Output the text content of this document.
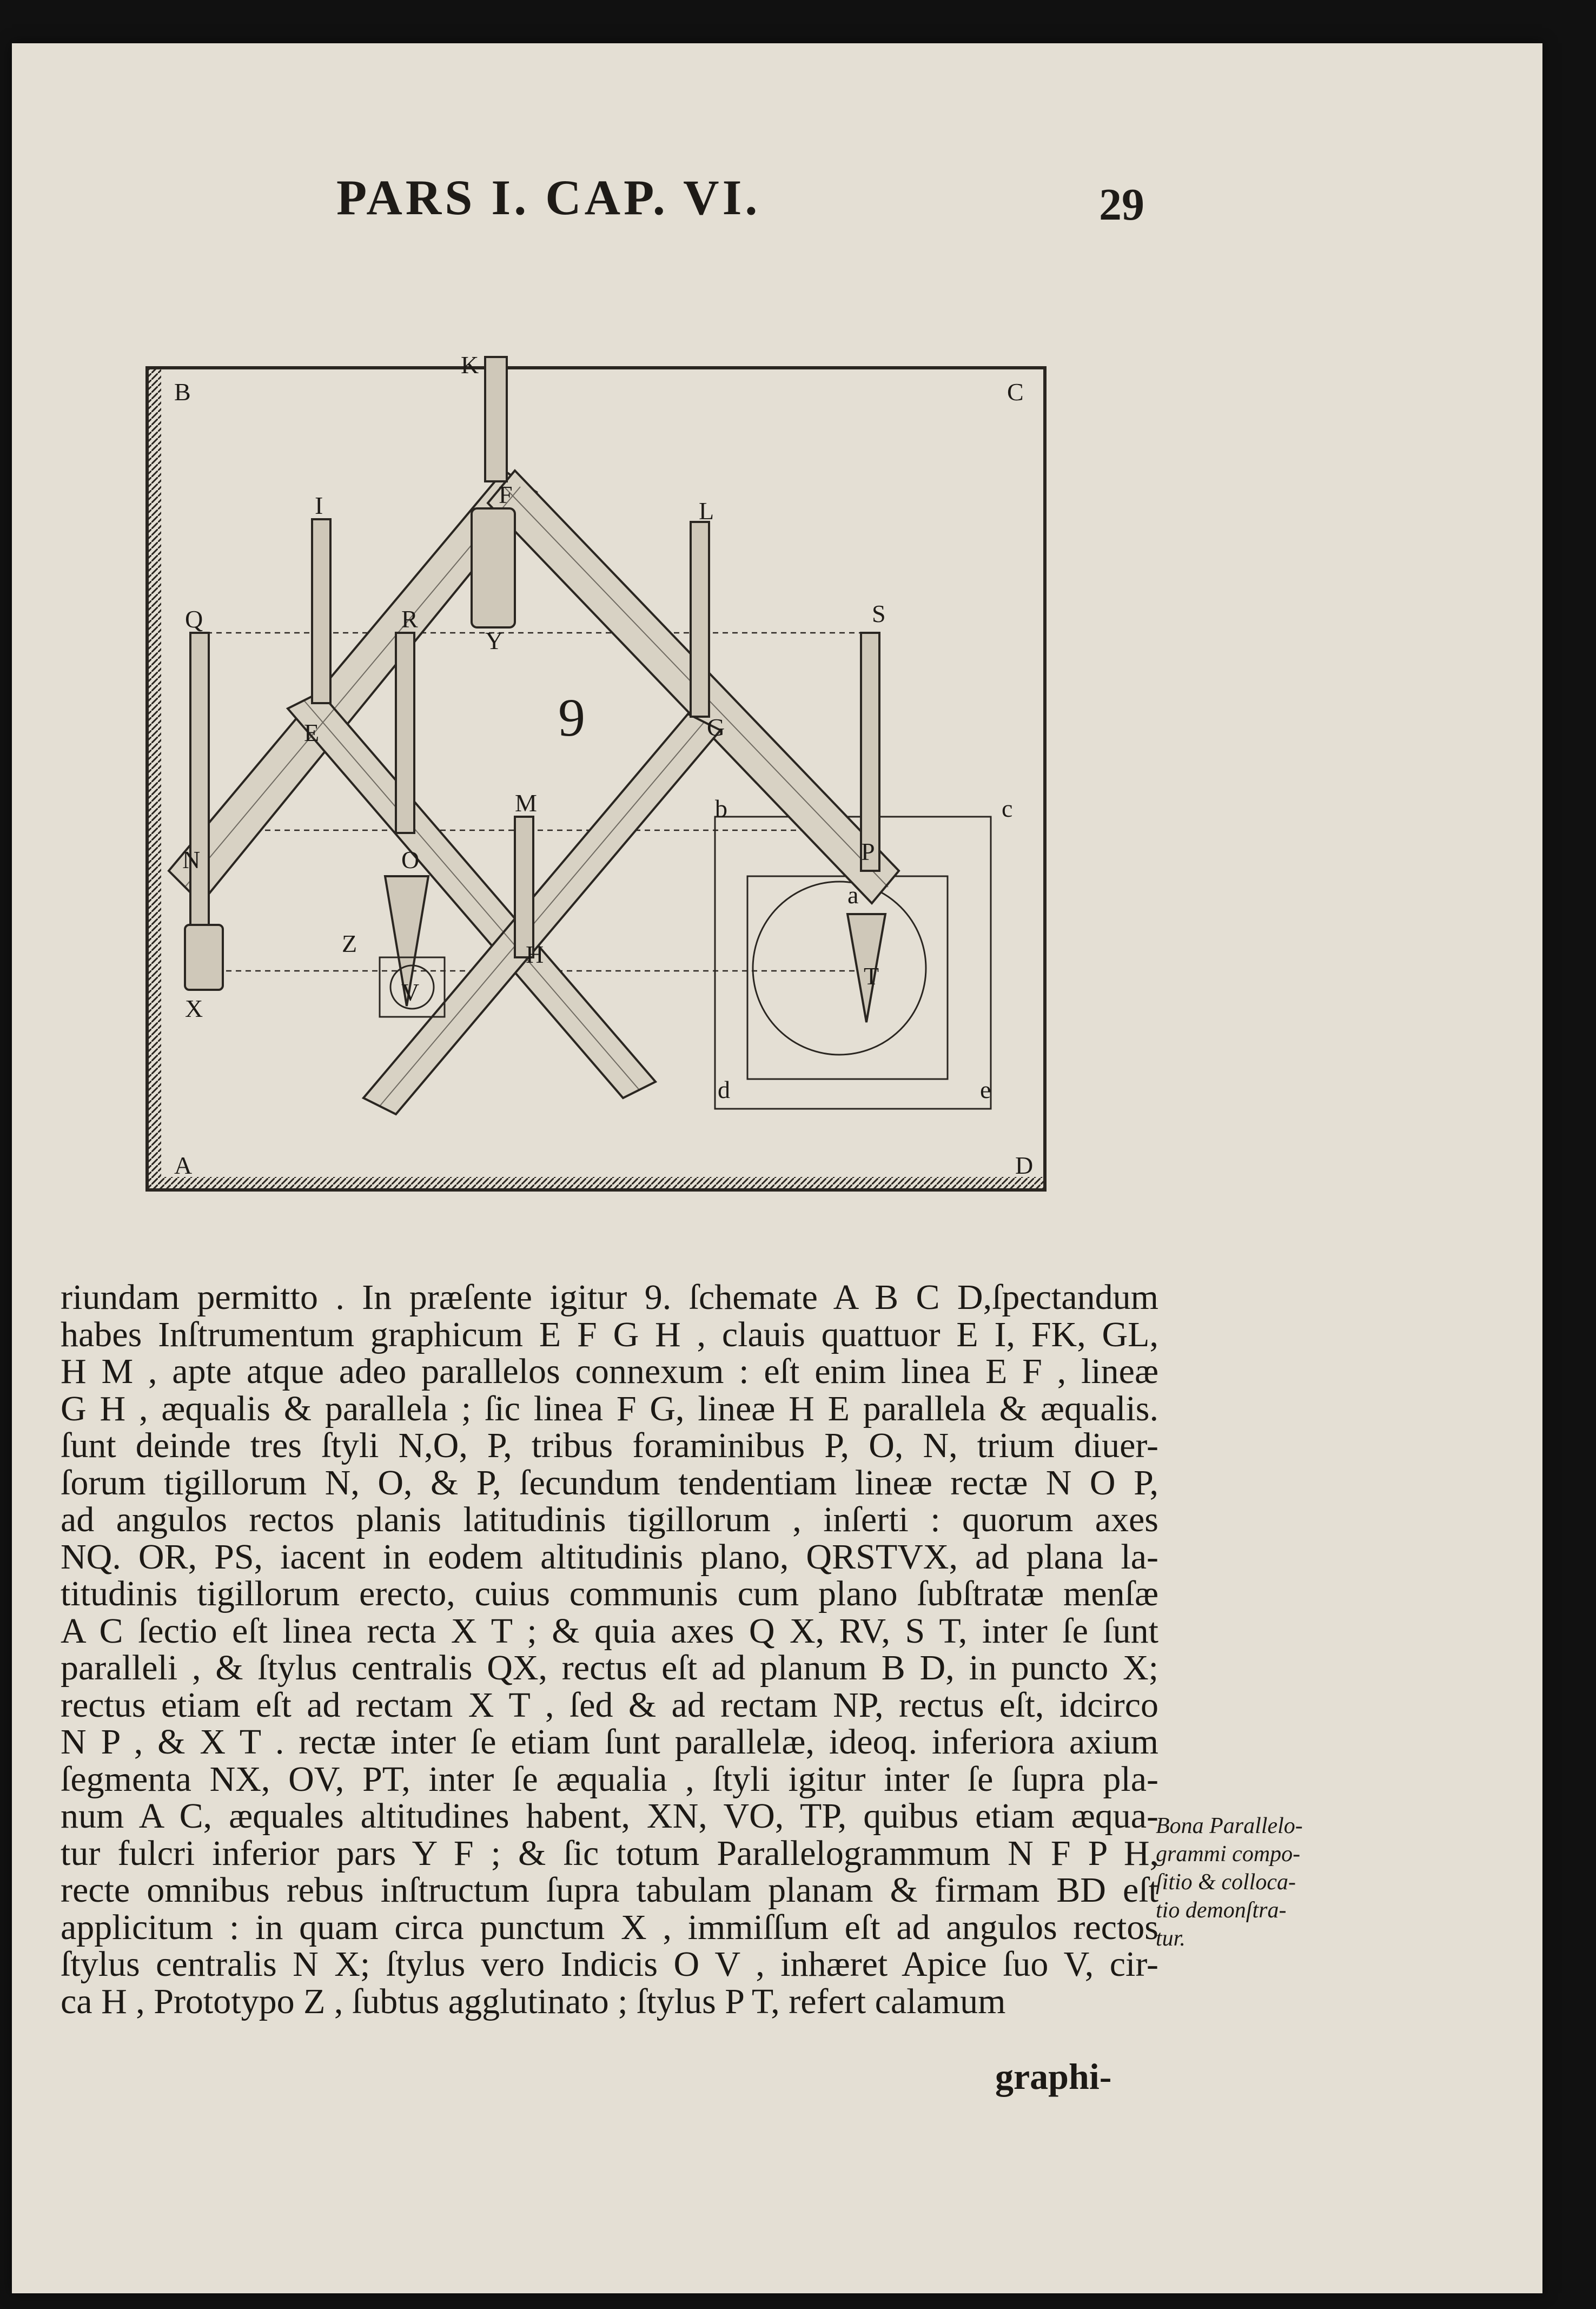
PARS I. CAP. VI.	29
B	C
K
F
Y
I	L
Q	R	S
E	G
b	c
M
N	O	P
a
Z	H
T
V
X
d	e
A	D
9
riundam permitto . In præſente igitur 9. ſchemate A B C D,ſpectandum
habes Inſtrumentum graphicum E F G H , clauis quattuor E I, FK, GL,
H M , apte atque adeo parallelos connexum : eſt enim linea E F , lineæ
G H , æqualis & parallela ; ſic linea F G, lineæ H E parallela & æqualis.
ſunt deinde tres ſtyli N,O, P, tribus foraminibus P, O, N, trium diuer-
ſorum tigillorum N, O, & P, ſecundum tendentiam lineæ rectæ N O P,
ad angulos rectos planis latitudinis tigillorum , inſerti : quorum axes
NQ. OR, PS, iacent in eodem altitudinis plano, QRSTVX, ad plana la-
titudinis tigillorum erecto, cuius communis cum plano ſubſtratæ menſæ
A C ſectio eſt linea recta X T ; & quia axes Q X, RV, S T, inter ſe ſunt
paralleli , & ſtylus centralis QX, rectus eſt ad planum B D, in puncto X;
rectus etiam eſt ad rectam X T , ſed & ad rectam NP, rectus eſt, idcirco
N P , & X T . rectæ inter ſe etiam ſunt parallelæ, ideoq. inferiora axium
ſegmenta NX, OV, PT, inter ſe æqualia , ſtyli igitur inter ſe ſupra pla-
num A C, æquales altitudines habent, XN, VO, TP, quibus etiam æqua-
tur fulcri inferior pars Y F ; & ſic totum Parallelogrammum N F P H,
recte omnibus rebus inſtructum ſupra tabulam planam & firmam BD eſt
applicitum : in quam circa punctum X , immiſſum eſt ad angulos rectos
ſtylus centralis N X; ſtylus vero Indicis O V , inhæret Apice ſuo V, cir-
ca H , Prototypo Z , ſubtus agglutinato ; ſtylus P T, refert calamum
graphi-
Bona Parallelo-
grammi compo-
ſitio & colloca-
tio demonſtra-
tur.
